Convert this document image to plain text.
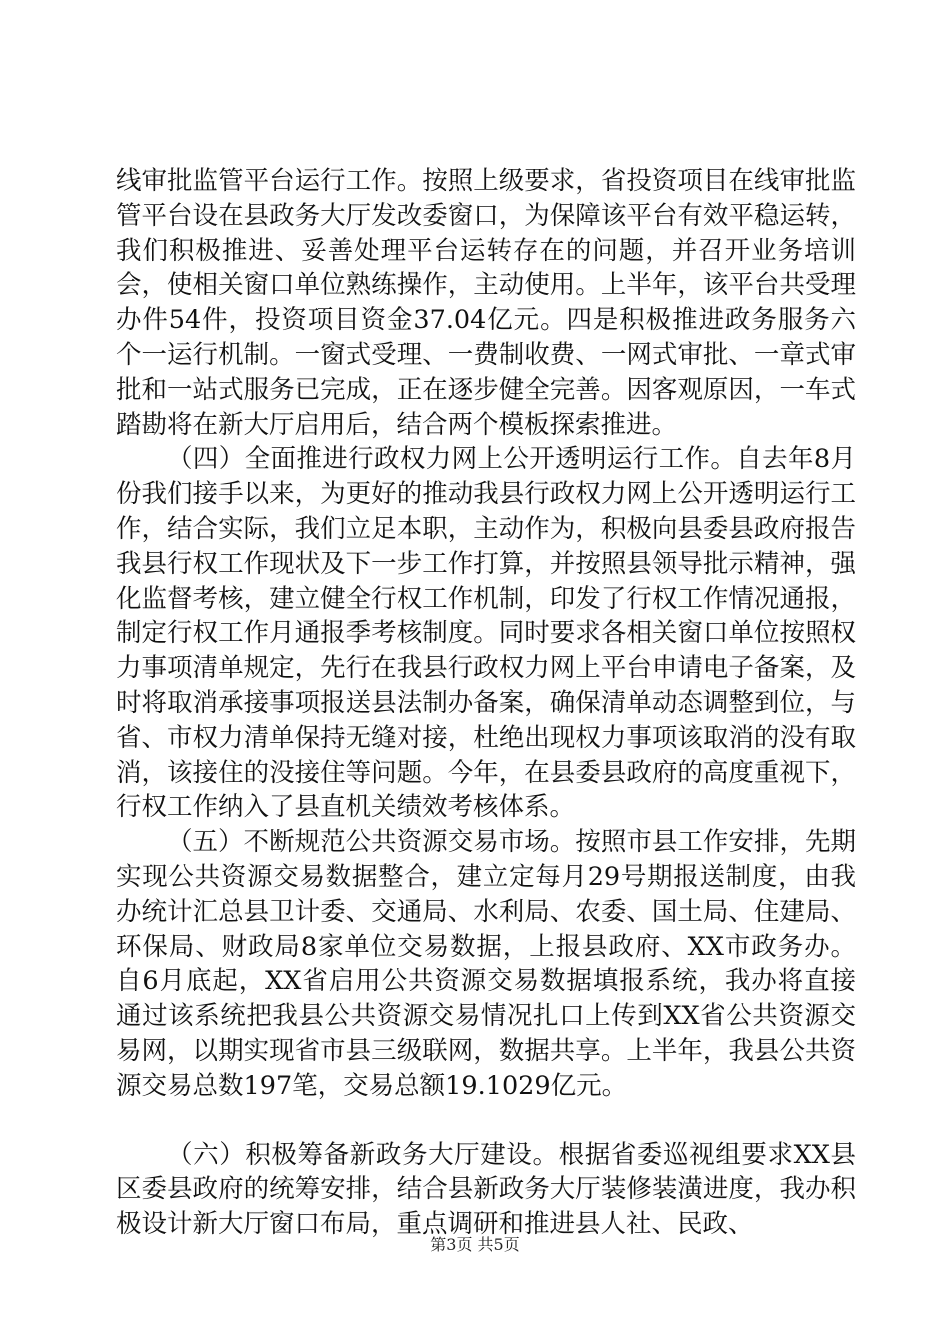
线审批监管平台运行工作。按照上级要求，省投资项目在线审批监管平台设在县政务大厅发改委窗口，为保障该平台有效平稳运转，我们积极推进、妥善处理平台运转存在的问题，并召开业务培训会，使相关窗口单位熟练操作，主动使用。上半年，该平台共受理办件54件，投资项目资金37.04亿元。四是积极推进政务服务六个一运行机制。一窗式受理、一费制收费、一网式审批、一章式审批和一站式服务已完成，正在逐步健全完善。因客观原因，一车式踏勘将在新大厅启用后，结合两个模板探索推进。

（四）全面推进行政权力网上公开透明运行工作。自去年8月份我们接手以来，为更好的推动我县行政权力网上公开透明运行工作，结合实际，我们立足本职，主动作为，积极向县委县政府报告我县行权工作现状及下一步工作打算，并按照县领导批示精神，强化监督考核，建立健全行权工作机制，印发了行权工作情况通报，制定行权工作月通报季考核制度。同时要求各相关窗口单位按照权力事项清单规定，先行在我县行政权力网上平台申请电子备案，及时将取消承接事项报送县法制办备案，确保清单动态调整到位，与省、市权力清单保持无缝对接，杜绝出现权力事项该取消的没有取消，该接住的没接住等问题。今年，在县委县政府的高度重视下，行权工作纳入了县直机关绩效考核体系。

（五）不断规范公共资源交易市场。按照市县工作安排，先期实现公共资源交易数据整合，建立定每月29号期报送制度，由我办统计汇总县卫计委、交通局、水利局、农委、国土局、住建局、环保局、财政局8家单位交易数据，上报县政府、XX市政务办。自6月底起，XX省启用公共资源交易数据填报系统，我办将直接通过该系统把我县公共资源交易情况扎口上传到XX省公共资源交易网，以期实现省市县三级联网，数据共享。上半年，我县公共资源交易总数197笔，交易总额19.1029亿元。

（六）积极筹备新政务大厅建设。根据省委巡视组要求XX县区委县政府的统筹安排，结合县新政务大厅装修装潢进度，我办积极设计新大厅窗口布局，重点调研和推进县人社、民政、

第3页 共5页
